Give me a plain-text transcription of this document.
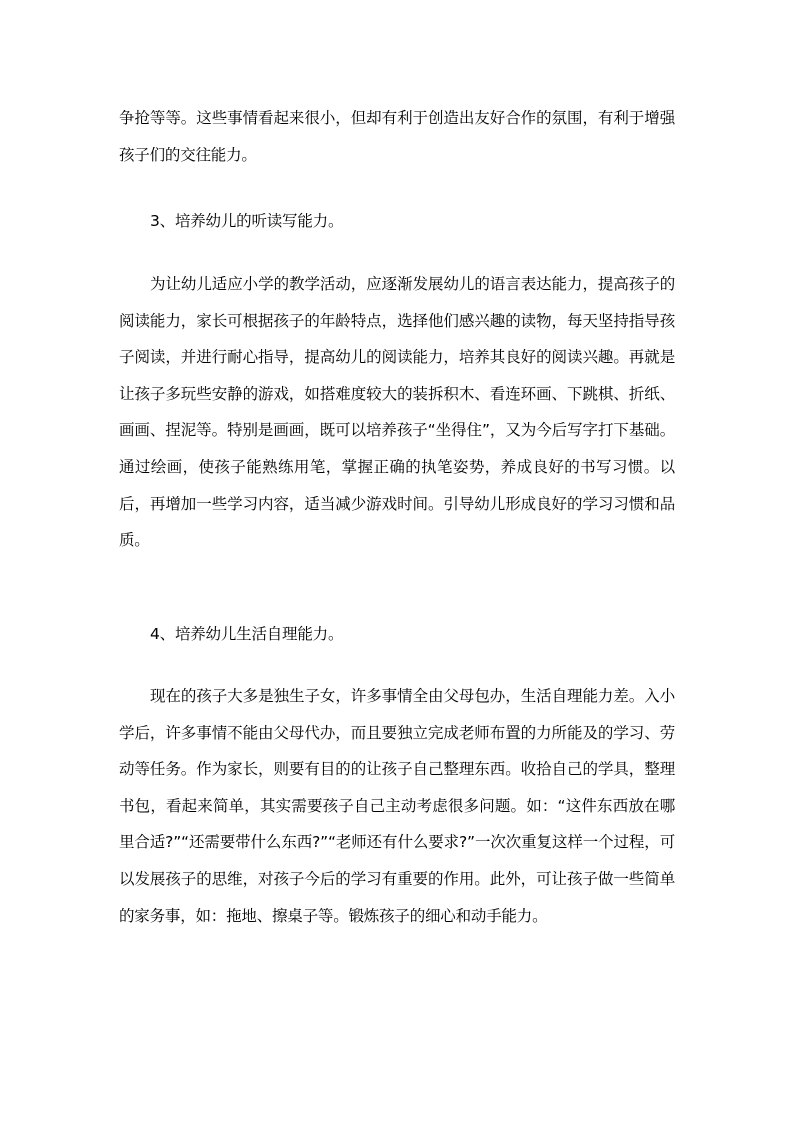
争抢等等。这些事情看起来很小，但却有利于创造出友好合作的氛围，有利于增强孩子们的交往能力。

3、培养幼儿的听读写能力。

为让幼儿适应小学的教学活动，应逐渐发展幼儿的语言表达能力，提高孩子的阅读能力，家长可根据孩子的年龄特点，选择他们感兴趣的读物，每天坚持指导孩子阅读，并进行耐心指导，提高幼儿的阅读能力，培养其良好的阅读兴趣。再就是让孩子多玩些安静的游戏，如搭难度较大的装拆积木、看连环画、下跳棋、折纸、画画、捏泥等。特别是画画，既可以培养孩子“坐得住”，又为今后写字打下基础。通过绘画，使孩子能熟练用笔，掌握正确的执笔姿势，养成良好的书写习惯。以后，再增加一些学习内容，适当减少游戏时间。引导幼儿形成良好的学习习惯和品质。

4、培养幼儿生活自理能力。

现在的孩子大多是独生子女，许多事情全由父母包办，生活自理能力差。入小学后，许多事情不能由父母代办，而且要独立完成老师布置的力所能及的学习、劳动等任务。作为家长，则要有目的的让孩子自己整理东西。收拾自己的学具，整理书包，看起来简单，其实需要孩子自己主动考虑很多问题。如：“这件东西放在哪里合适?”“还需要带什么东西?”“老师还有什么要求?”一次次重复这样一个过程，可以发展孩子的思维，对孩子今后的学习有重要的作用。此外，可让孩子做一些简单的家务事，如：拖地、擦桌子等。锻炼孩子的细心和动手能力。
